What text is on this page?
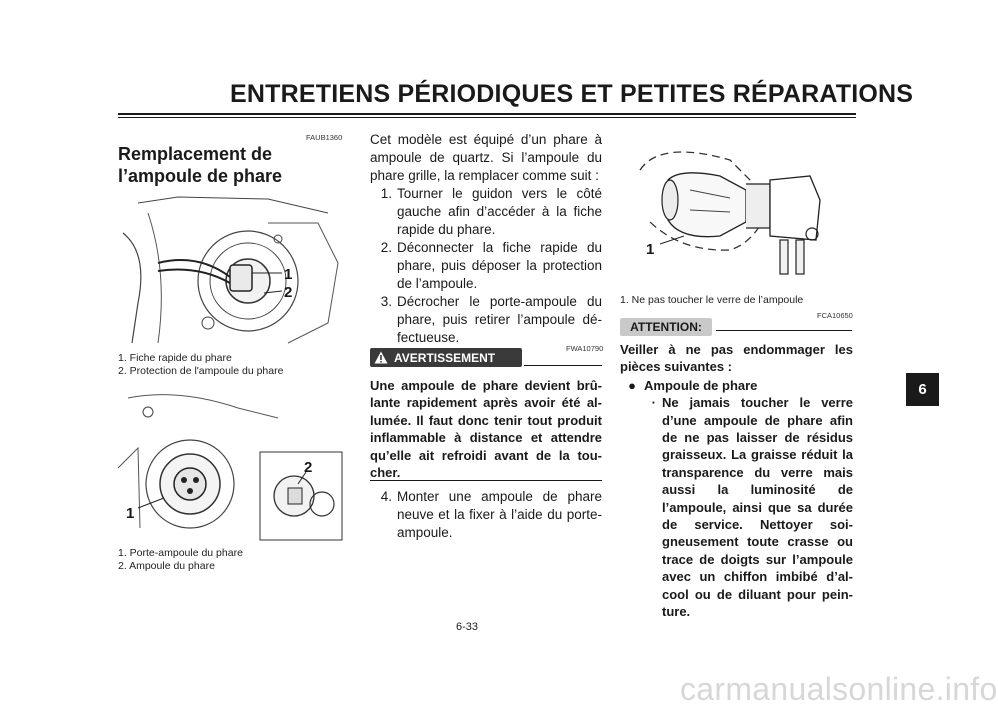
ENTRETIENS PÉRIODIQUES ET PETITES RÉPARATIONS
FAUB1360
Remplacement de l’ampoule de phare
1
2
1. Fiche rapide du phare
2. Protection de l'ampoule du phare
1
2
1. Porte-ampoule du phare
2. Ampoule du phare

Cet modèle est équipé d’un phare à ampoule de quartz. Si l’ampoule du phare grille, la remplacer comme suit :

1. Tourner le guidon vers le côté gauche afin d’accéder à la fiche rapide du phare.
2. Déconnecter la fiche rapide du phare, puis déposer la protection de l’ampoule.
3. Décrocher le porte-ampoule du phare, puis retirer l’ampoule dé-fectueuse.
FWA10790
AVERTISSEMENT
Une ampoule de phare devient brû-lante rapidement après avoir été al-lumée. Il faut donc tenir tout produit inflammable à distance et attendre qu’elle ait refroidi avant de la tou-cher.
4. Monter une ampoule de phare neuve et la fixer à l’aide du porte-ampoule.
1
1. Ne pas toucher le verre de l’ampoule
FCA10650
ATTENTION:
Veiller à ne pas endommager les pièces suivantes :
● Ampoule de phare
· Ne jamais toucher le verre d’une ampoule de phare afin de ne pas laisser de résidus graisseux. La graisse réduit la transparence du verre mais aussi la luminosité de l’ampoule, ainsi que sa durée de service. Nettoyer soi-gneusement toute crasse ou trace de doigts sur l’ampoule avec un chiffon imbibé d’al-cool ou de diluant pour pein-ture.
6
6-33
carmanualsonline.info
